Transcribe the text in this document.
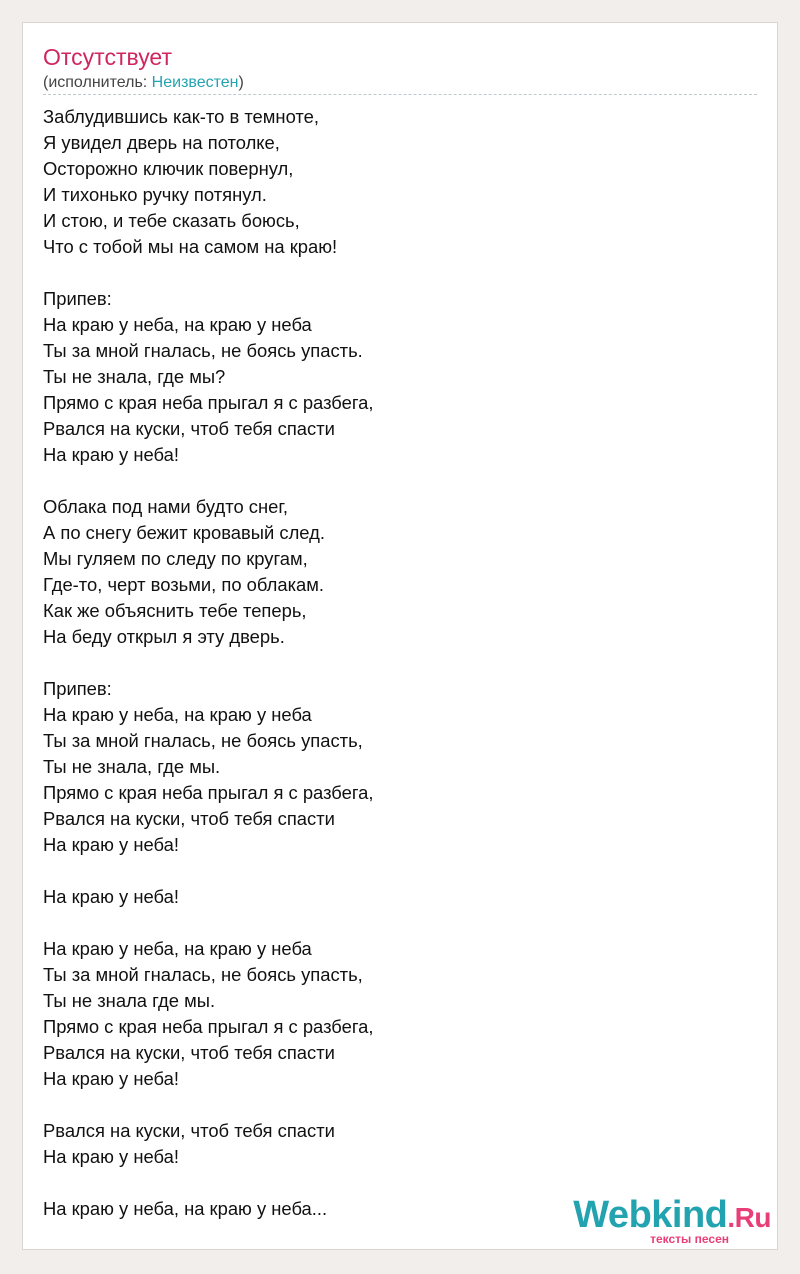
Отсутствует
(исполнитель: Неизвестен)
Заблудившись как-то в темноте,
Я увидел дверь на потолке,
Осторожно ключик повернул,
И тихонько ручку потянул.
И стою, и тебе сказать боюсь,
Что с тобой мы на самом на краю!
Припев:
На краю у неба, на краю у неба
Ты за мной гналась, не боясь упасть.
Ты не знала, где мы?
Прямо с края неба прыгал я с разбега,
Рвался на куски, чтоб тебя спасти
На краю у неба!
Облака под нами будто снег,
А по снегу бежит кровавый след.
Мы гуляем по следу по кругам,
Где-то, черт возьми, по облакам.
Как же объяснить тебе теперь,
На беду открыл я эту дверь.
Припев:
На краю у неба, на краю у неба
Ты за мной гналась, не боясь упасть,
Ты не знала, где мы.
Прямо с края неба прыгал я с разбега,
Рвался на куски, чтоб тебя спасти
На краю у неба!
На краю у неба!
На краю у неба, на краю у неба
Ты за мной гналась, не боясь упасть,
Ты не знала где мы.
Прямо с края неба прыгал я с разбега,
Рвался на куски, чтоб тебя спасти
На краю у неба!
Рвался на куски, чтоб тебя спасти
На краю у неба!
На краю у неба, на краю у неба...	Webkind.Ru
тексты песен
